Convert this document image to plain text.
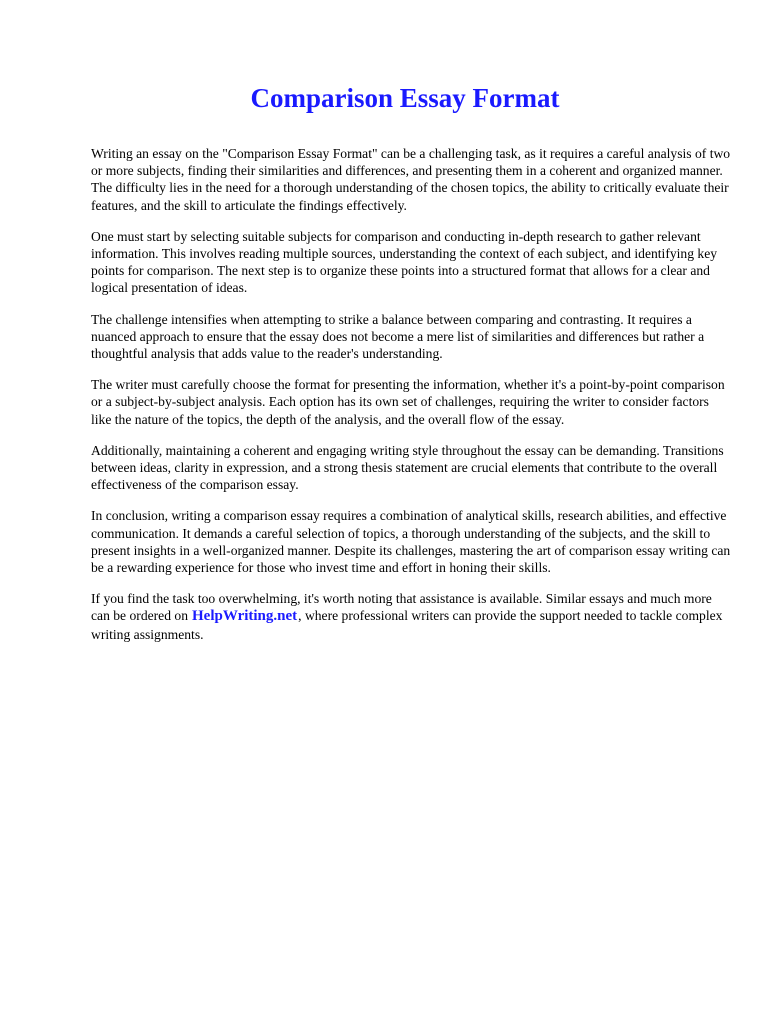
Comparison Essay Format

Writing an essay on the "Comparison Essay Format" can be a challenging task, as it requires a careful analysis of two or more subjects, finding their similarities and differences, and presenting them in a coherent and organized manner. The difficulty lies in the need for a thorough understanding of the chosen topics, the ability to critically evaluate their features, and the skill to articulate the findings effectively.

One must start by selecting suitable subjects for comparison and conducting in-depth research to gather relevant information. This involves reading multiple sources, understanding the context of each subject, and identifying key points for comparison. The next step is to organize these points into a structured format that allows for a clear and logical presentation of ideas.

The challenge intensifies when attempting to strike a balance between comparing and contrasting. It requires a nuanced approach to ensure that the essay does not become a mere list of similarities and differences but rather a thoughtful analysis that adds value to the reader's understanding.

The writer must carefully choose the format for presenting the information, whether it's a point-by-point comparison or a subject-by-subject analysis. Each option has its own set of challenges, requiring the writer to consider factors like the nature of the topics, the depth of the analysis, and the overall flow of the essay.

Additionally, maintaining a coherent and engaging writing style throughout the essay can be demanding. Transitions between ideas, clarity in expression, and a strong thesis statement are crucial elements that contribute to the overall effectiveness of the comparison essay.

In conclusion, writing a comparison essay requires a combination of analytical skills, research abilities, and effective communication. It demands a careful selection of topics, a thorough understanding of the subjects, and the skill to present insights in a well-organized manner. Despite its challenges, mastering the art of comparison essay writing can be a rewarding experience for those who invest time and effort in honing their skills.

If you find the task too overwhelming, it's worth noting that assistance is available. Similar essays and much more can be ordered on HelpWriting.net, where professional writers can provide the support needed to tackle complex writing assignments.
